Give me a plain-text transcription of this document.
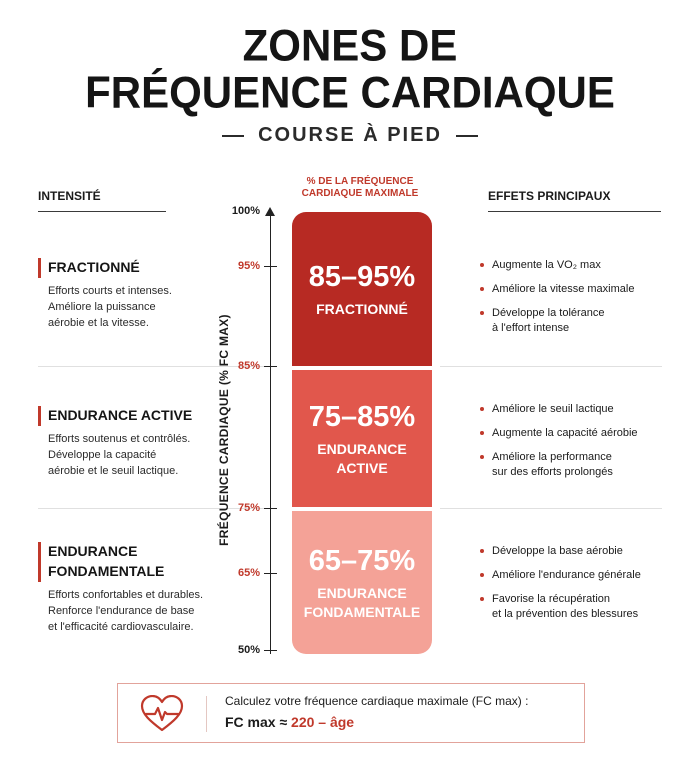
ZONES DE
FRÉQUENCE CARDIAQUE
COURSE À PIED
INTENSITÉ
% DE LA FRÉQUENCE
CARDIAQUE MAXIMALE	EFFETS PRINCIPAUX
FRACTIONNÉ
Efforts courts et intenses.
Améliore la puissance
aérobie et la vitesse.
ENDURANCE ACTIVE
Efforts soutenus et contrôlés.
Développe la capacité
aérobie et le seuil lactique.
ENDURANCE
FONDAMENTALE
Efforts confortables et durables.
Renforce l'endurance de base
et l'efficacité cardiovasculaire.
FRÉQUENCE CARDIAQUE (% FC MAX)
100%
95%
85%
75%
65%
50%
85–95%
FRACTIONNÉ
75–85%
ENDURANCE
ACTIVE
65–75%
ENDURANCE
FONDAMENTALE
Augmente la VO₂ max
Améliore la vitesse maximale
Développe la tolérance
à l'effort intense
Améliore le seuil lactique
Augmente la capacité aérobie
Améliore la performance
sur des efforts prolongés
Développe la base aérobie
Améliore l'endurance générale
Favorise la récupération
et la prévention des blessures
Calculez votre fréquence cardiaque maximale (FC max) :
FC max ≈ 220 – âge
